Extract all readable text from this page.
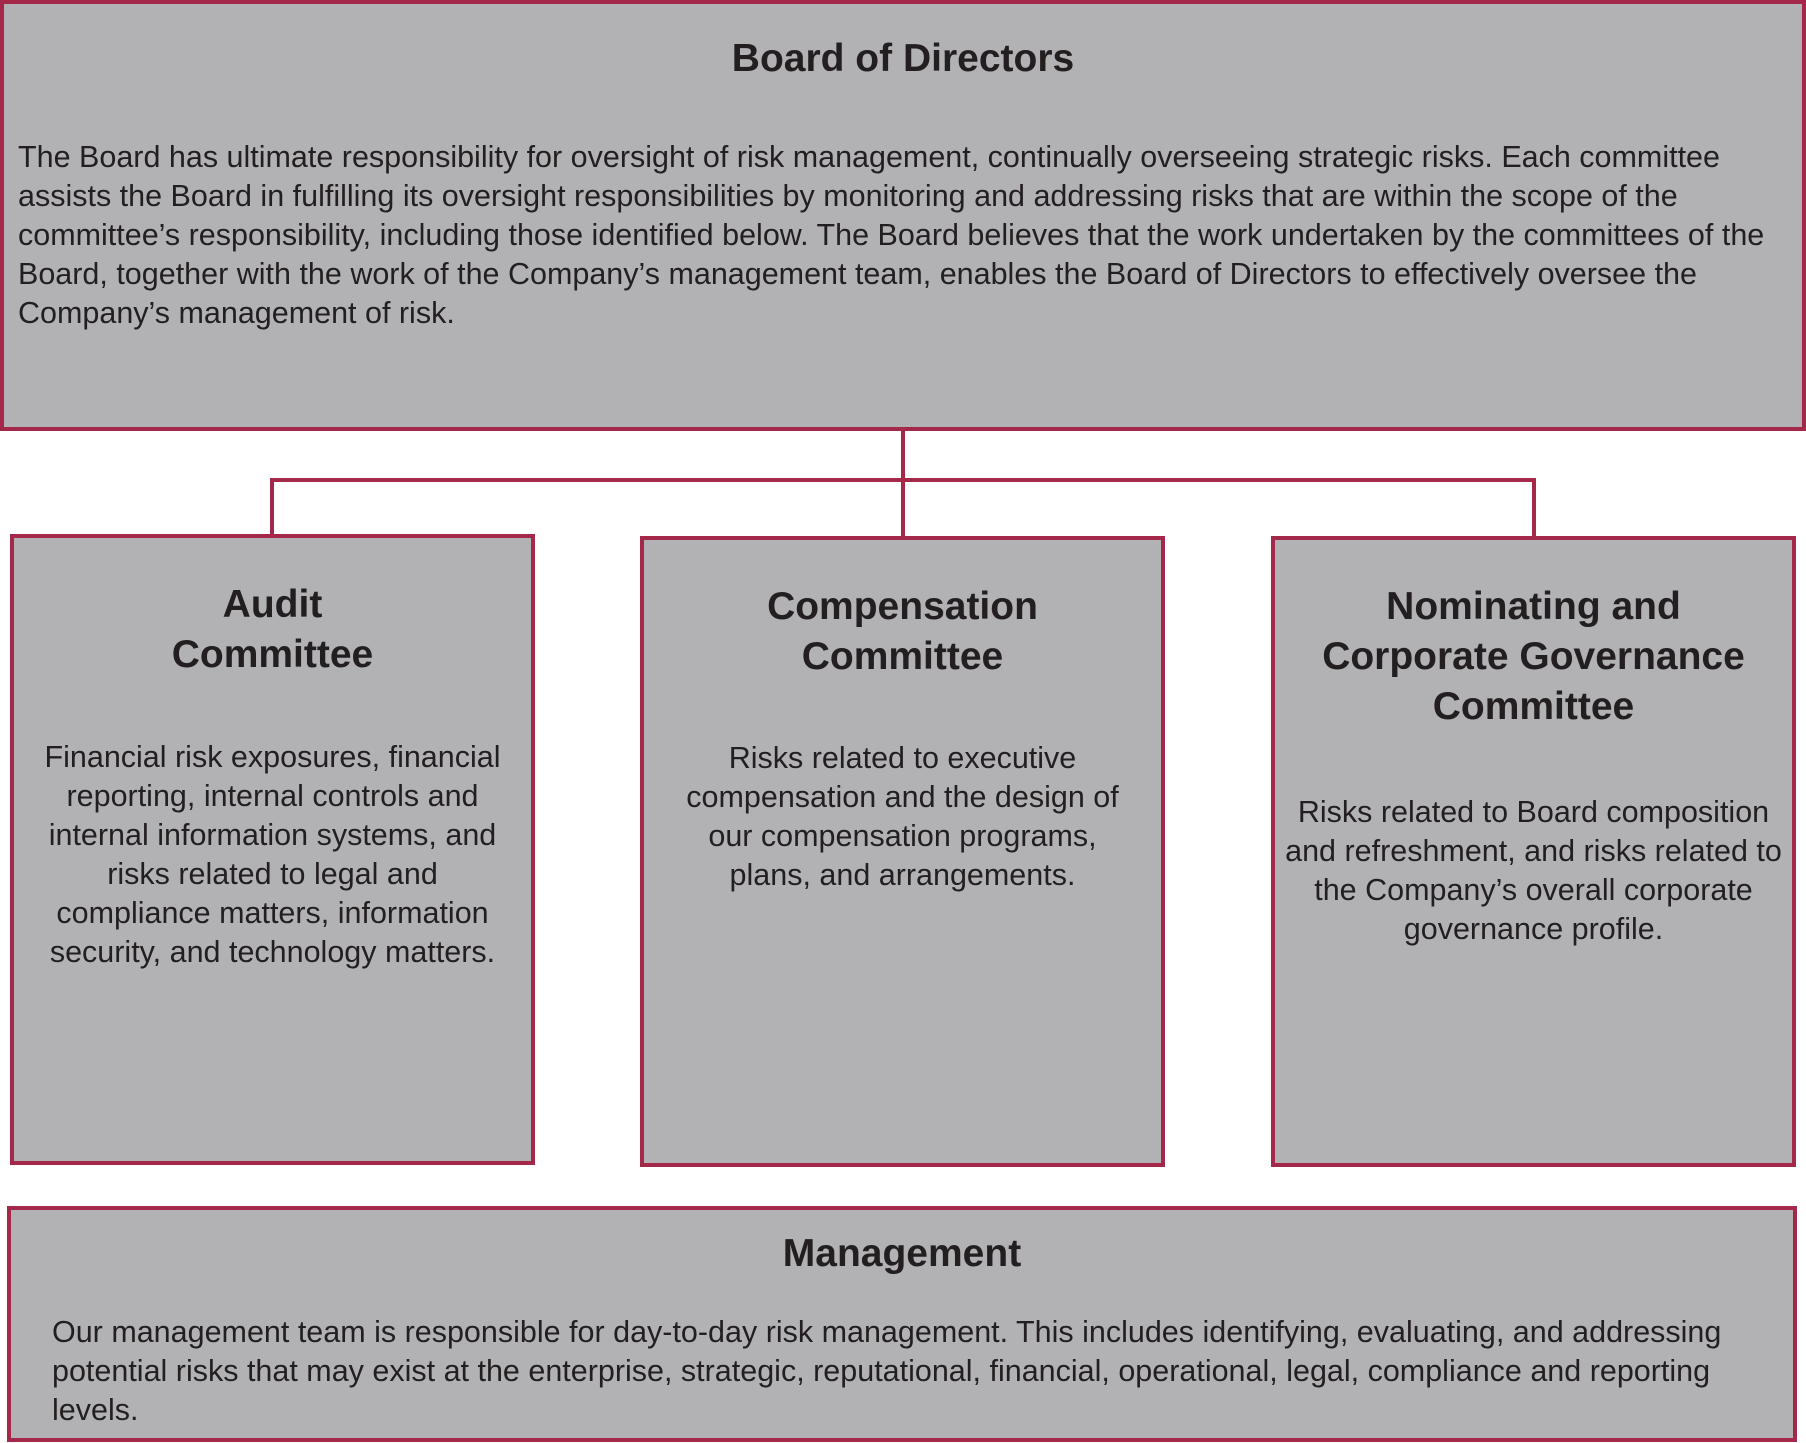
Board of Directors
The Board has ultimate responsibility for oversight of risk management, continually overseeing strategic risks. Each committee assists the Board in fulfilling its oversight responsibilities by monitoring and addressing risks that are within the scope of the committee’s responsibility, including those identified below. The Board believes that the work undertaken by the committees of the Board, together with the work of the Company’s management team, enables the Board of Directors to effectively oversee the Company’s management of risk.
Audit
Committee
Financial risk exposures, financial reporting, internal controls and internal information systems, and risks related to legal and compliance matters, information security, and technology matters.
Compensation
Committee
Risks related to executive compensation and the design of our compensation programs, plans, and arrangements.
Nominating and
Corporate Governance
Committee
Risks related to Board composition and refreshment, and risks related to the Company’s overall corporate governance profile.
Management
Our management team is responsible for day-to-day risk management. This includes identifying, evaluating, and addressing potential risks that may exist at the enterprise, strategic, reputational, financial, operational, legal, compliance and reporting levels.
